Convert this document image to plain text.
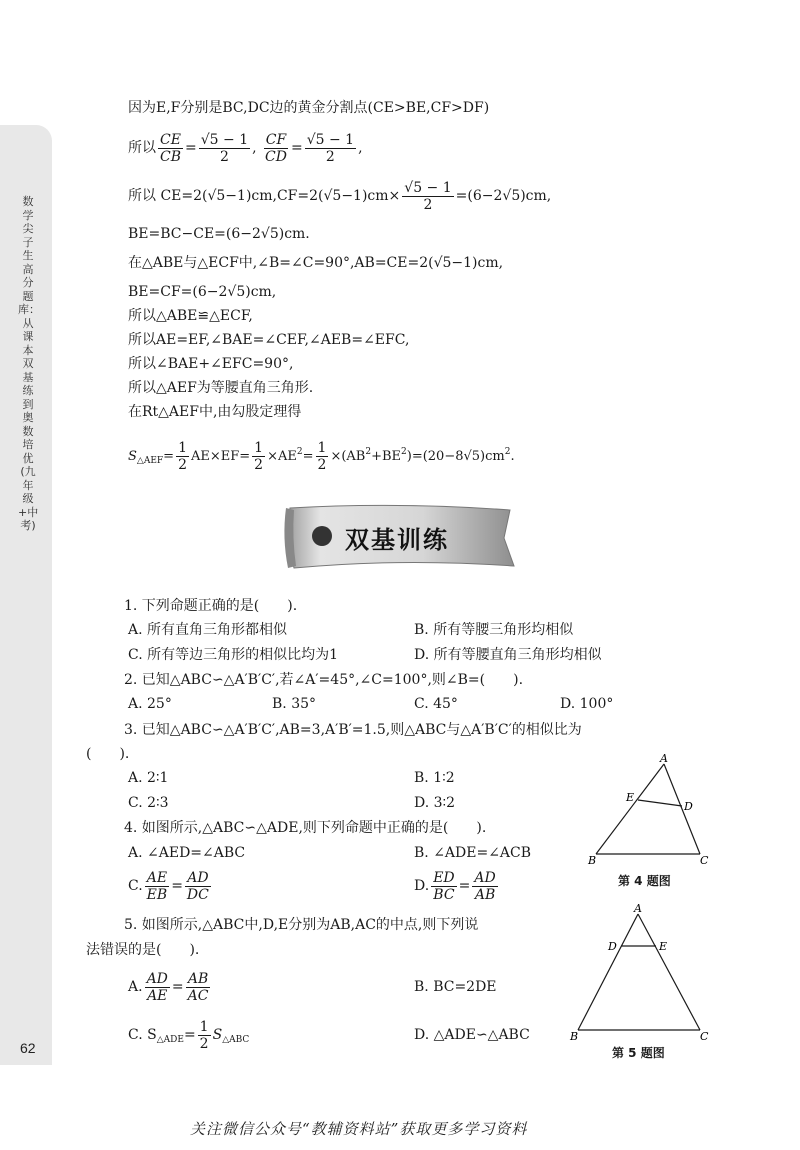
数学尖子生高分题库：从课本双基练到奥数培优(九年级+中考)
62
因为E,F分别是BC,DC边的黄金分割点(CE>BE,CF>DF)
所以 $\frac{CE}{CB} = \frac{√5 - 1}{2}$ , $\frac{CF}{CD} = \frac{√5 - 1}{2}$ ,
所以 $CE=2(√5-1)cm,CF=2(√5-1)cm\times \frac{√5 - 1}{2} =(6-2√5)cm$,
BE=BC−CE=(6−2√5)cm.
在△ABE与△ECF中,∠B=∠C=90°,AB=CE=2(√5−1)cm,
BE=CF=(6−2√5)cm,
所以△ABE≌△ECF,
所以AE=EF,∠BAE=∠CEF,∠AEB=∠EFC,
所以∠BAE+∠EFC=90°,
所以△AEF为等腰直角三角形.
在Rt△AEF中,由勾股定理得
$S_{\triangle AEF}= \frac{1}{2} AE\times EF= \frac{1}{2} \times AE^2= \frac{1}{2} \times(AB^2+BE^2)=(20-8√5)cm^2$.
双基训练
1. 下列命题正确的是(　　).
A. 所有直角三角形都相似	B. 所有等腰三角形均相似
C. 所有等边三角形的相似比均为1	D. 所有等腰直角三角形均相似
2. 已知△ABC∽△A′B′C′,若∠A′=45°,∠C=100°,则∠B=(　　).
A. 25°	B. 35°	C. 45°	D. 100°
3. 已知△ABC∽△A′B′C′,AB=3,A′B′=1.5,则△ABC与△A′B′C′的相似比为
(　　).
A. 2∶1	B. 1∶2
C. 2∶3	D. 3∶2
4. 如图所示,△ABC∽△ADE,则下列命题中正确的是(　　).
A. ∠AED=∠ABC	B. ∠ADE=∠ACB
C. $\frac{AE}{EB} = \frac{AD}{DC}$	D. $\frac{ED}{BC} = \frac{AD}{AB}$
5. 如图所示,△ABC中,D,E分别为AB,AC的中点,则下列说
法错误的是(　　).
A. $\frac{AD}{AE} = \frac{AB}{AC}$	B. BC=2DE
C. $S_{\triangle ADE}= \frac{1}{2} S_{\triangle ABC}$	D. △ADE∽△ABC
A
B	C
D
E
第 4 题图
A
B	C
D	E
第 5 题图
关注微信公众号“教辅资料站”获取更多学习资料
